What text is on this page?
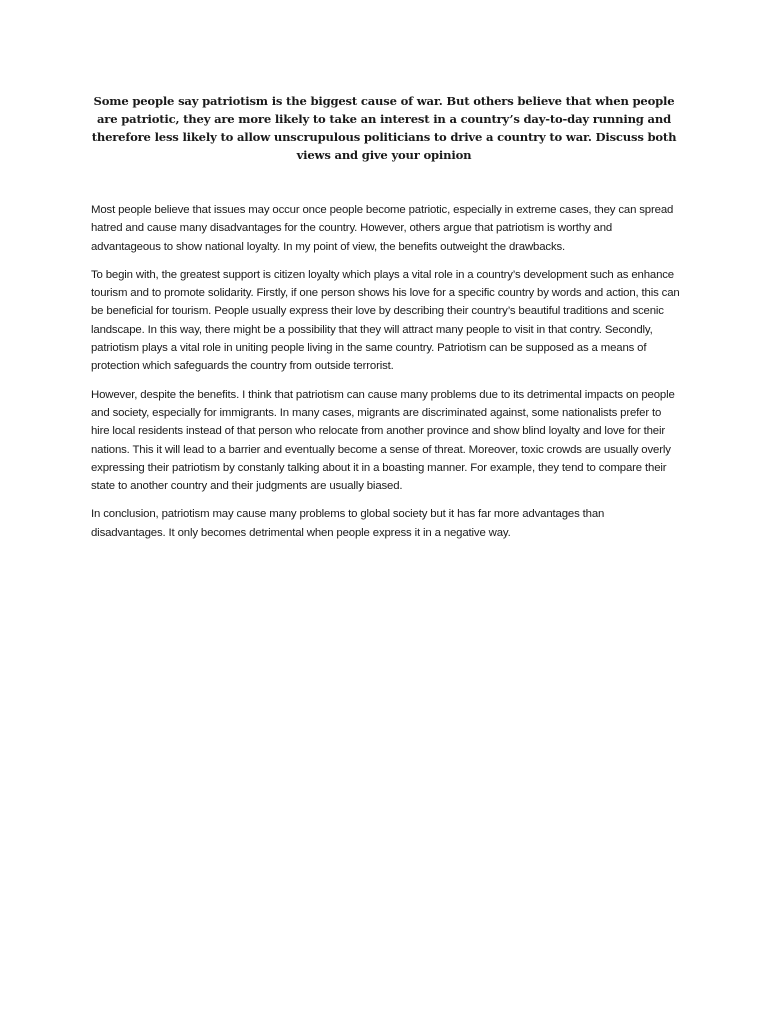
Some people say patriotism is the biggest cause of war. But others believe that when people are patriotic, they are more likely to take an interest in a country’s day-to-day running and therefore less likely to allow unscrupulous politicians to drive a country to war. Discuss both views and give your opinion

Most people believe that issues may occur once people become patriotic, especially in extreme cases, they can spread hatred and cause many disadvantages for the country. However, others argue that patriotism is worthy and advantageous to show national loyalty. In my point of view, the benefits outweight the drawbacks.

To begin with, the greatest support is citizen loyalty which plays a vital role in a country’s development such as enhance tourism and to promote solidarity. Firstly, if one person shows his love for a specific country by words and action, this can be beneficial for tourism. People usually express their love by describing their country’s beautiful traditions and scenic landscape. In this way, there might be a possibility that they will attract many people to visit in that contry. Secondly, patriotism plays a vital role in uniting people living in the same country. Patriotism can be supposed as a means of protection which safeguards the country from outside terrorist.

However, despite the benefits. I think that patriotism can cause many problems due to its detrimental impacts on people and society, especially for immigrants. In many cases, migrants are discriminated against, some nationalists prefer to hire local residents instead of that person who relocate from another province and show blind loyalty and love for their nations. This it will lead to a barrier and eventually become a sense of threat. Moreover, toxic crowds are usually overly expressing their patriotism by constanly talking about it in a boasting manner. For example, they tend to compare their state to another country and their judgments are usually biased.

In conclusion, patriotism may cause many problems to global society but it has far more advantages than disadvantages. It only becomes detrimental when people express it in a negative way.
